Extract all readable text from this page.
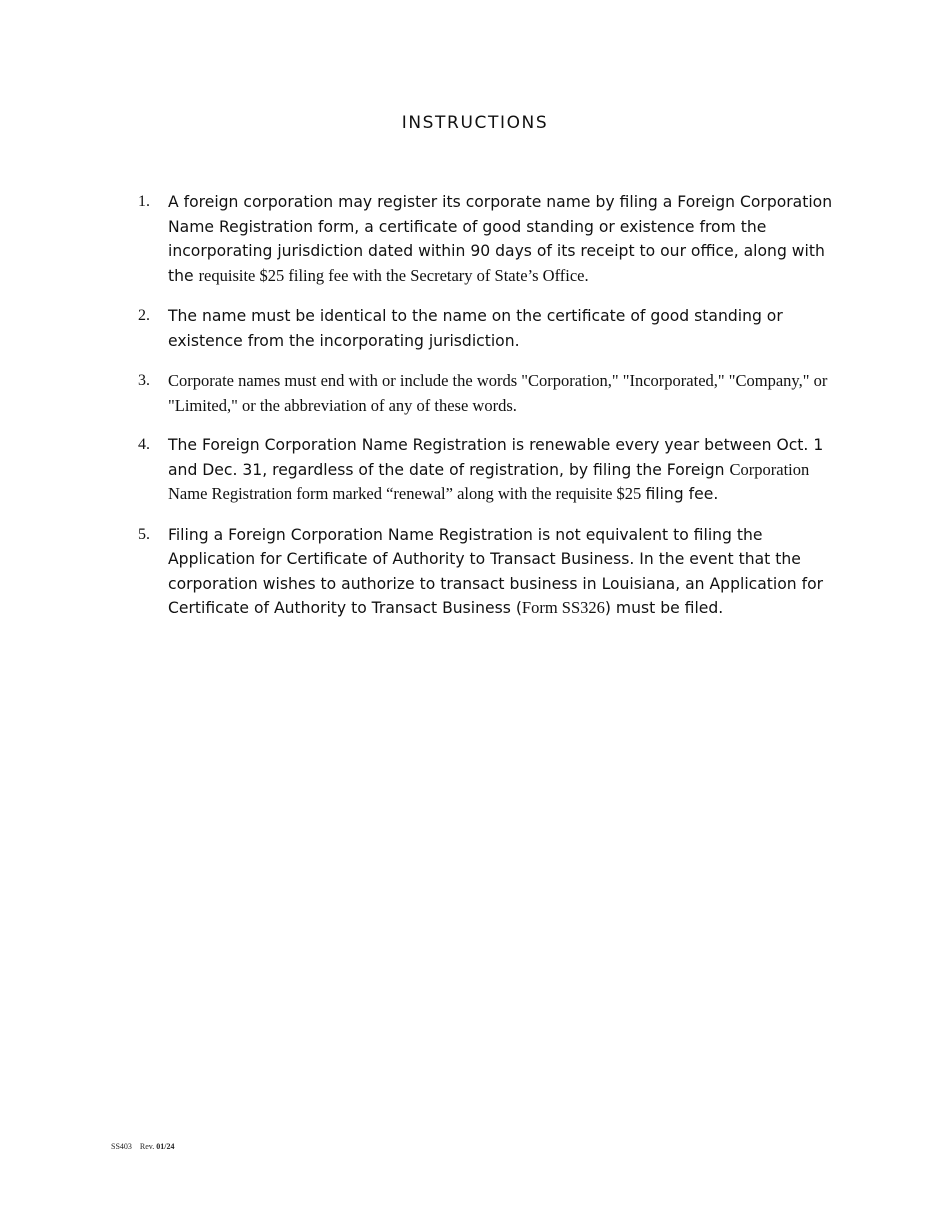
INSTRUCTIONS
1. A foreign corporation may register its corporate name by filing a Foreign Corporation Name Registration form, a certificate of good standing or existence from the incorporating jurisdiction dated within 90 days of its receipt to our office, along with the requisite $25 filing fee with the Secretary of State’s Office.
2. The name must be identical to the name on the certificate of good standing or existence from the incorporating jurisdiction.
3. Corporate names must end with or include the words "Corporation," "Incorporated," "Company," or "Limited," or the abbreviation of any of these words.
4. The Foreign Corporation Name Registration is renewable every year between Oct. 1 and Dec. 31, regardless of the date of registration, by filing the Foreign Corporation Name Registration form marked “renewal” along with the requisite $25 filing fee.
5. Filing a Foreign Corporation Name Registration is not equivalent to filing the Application for Certificate of Authority to Transact Business. In the event that the corporation wishes to authorize to transact business in Louisiana, an Application for Certificate of Authority to Transact Business (Form SS326) must be filed.
SS403 Rev. 01/24
